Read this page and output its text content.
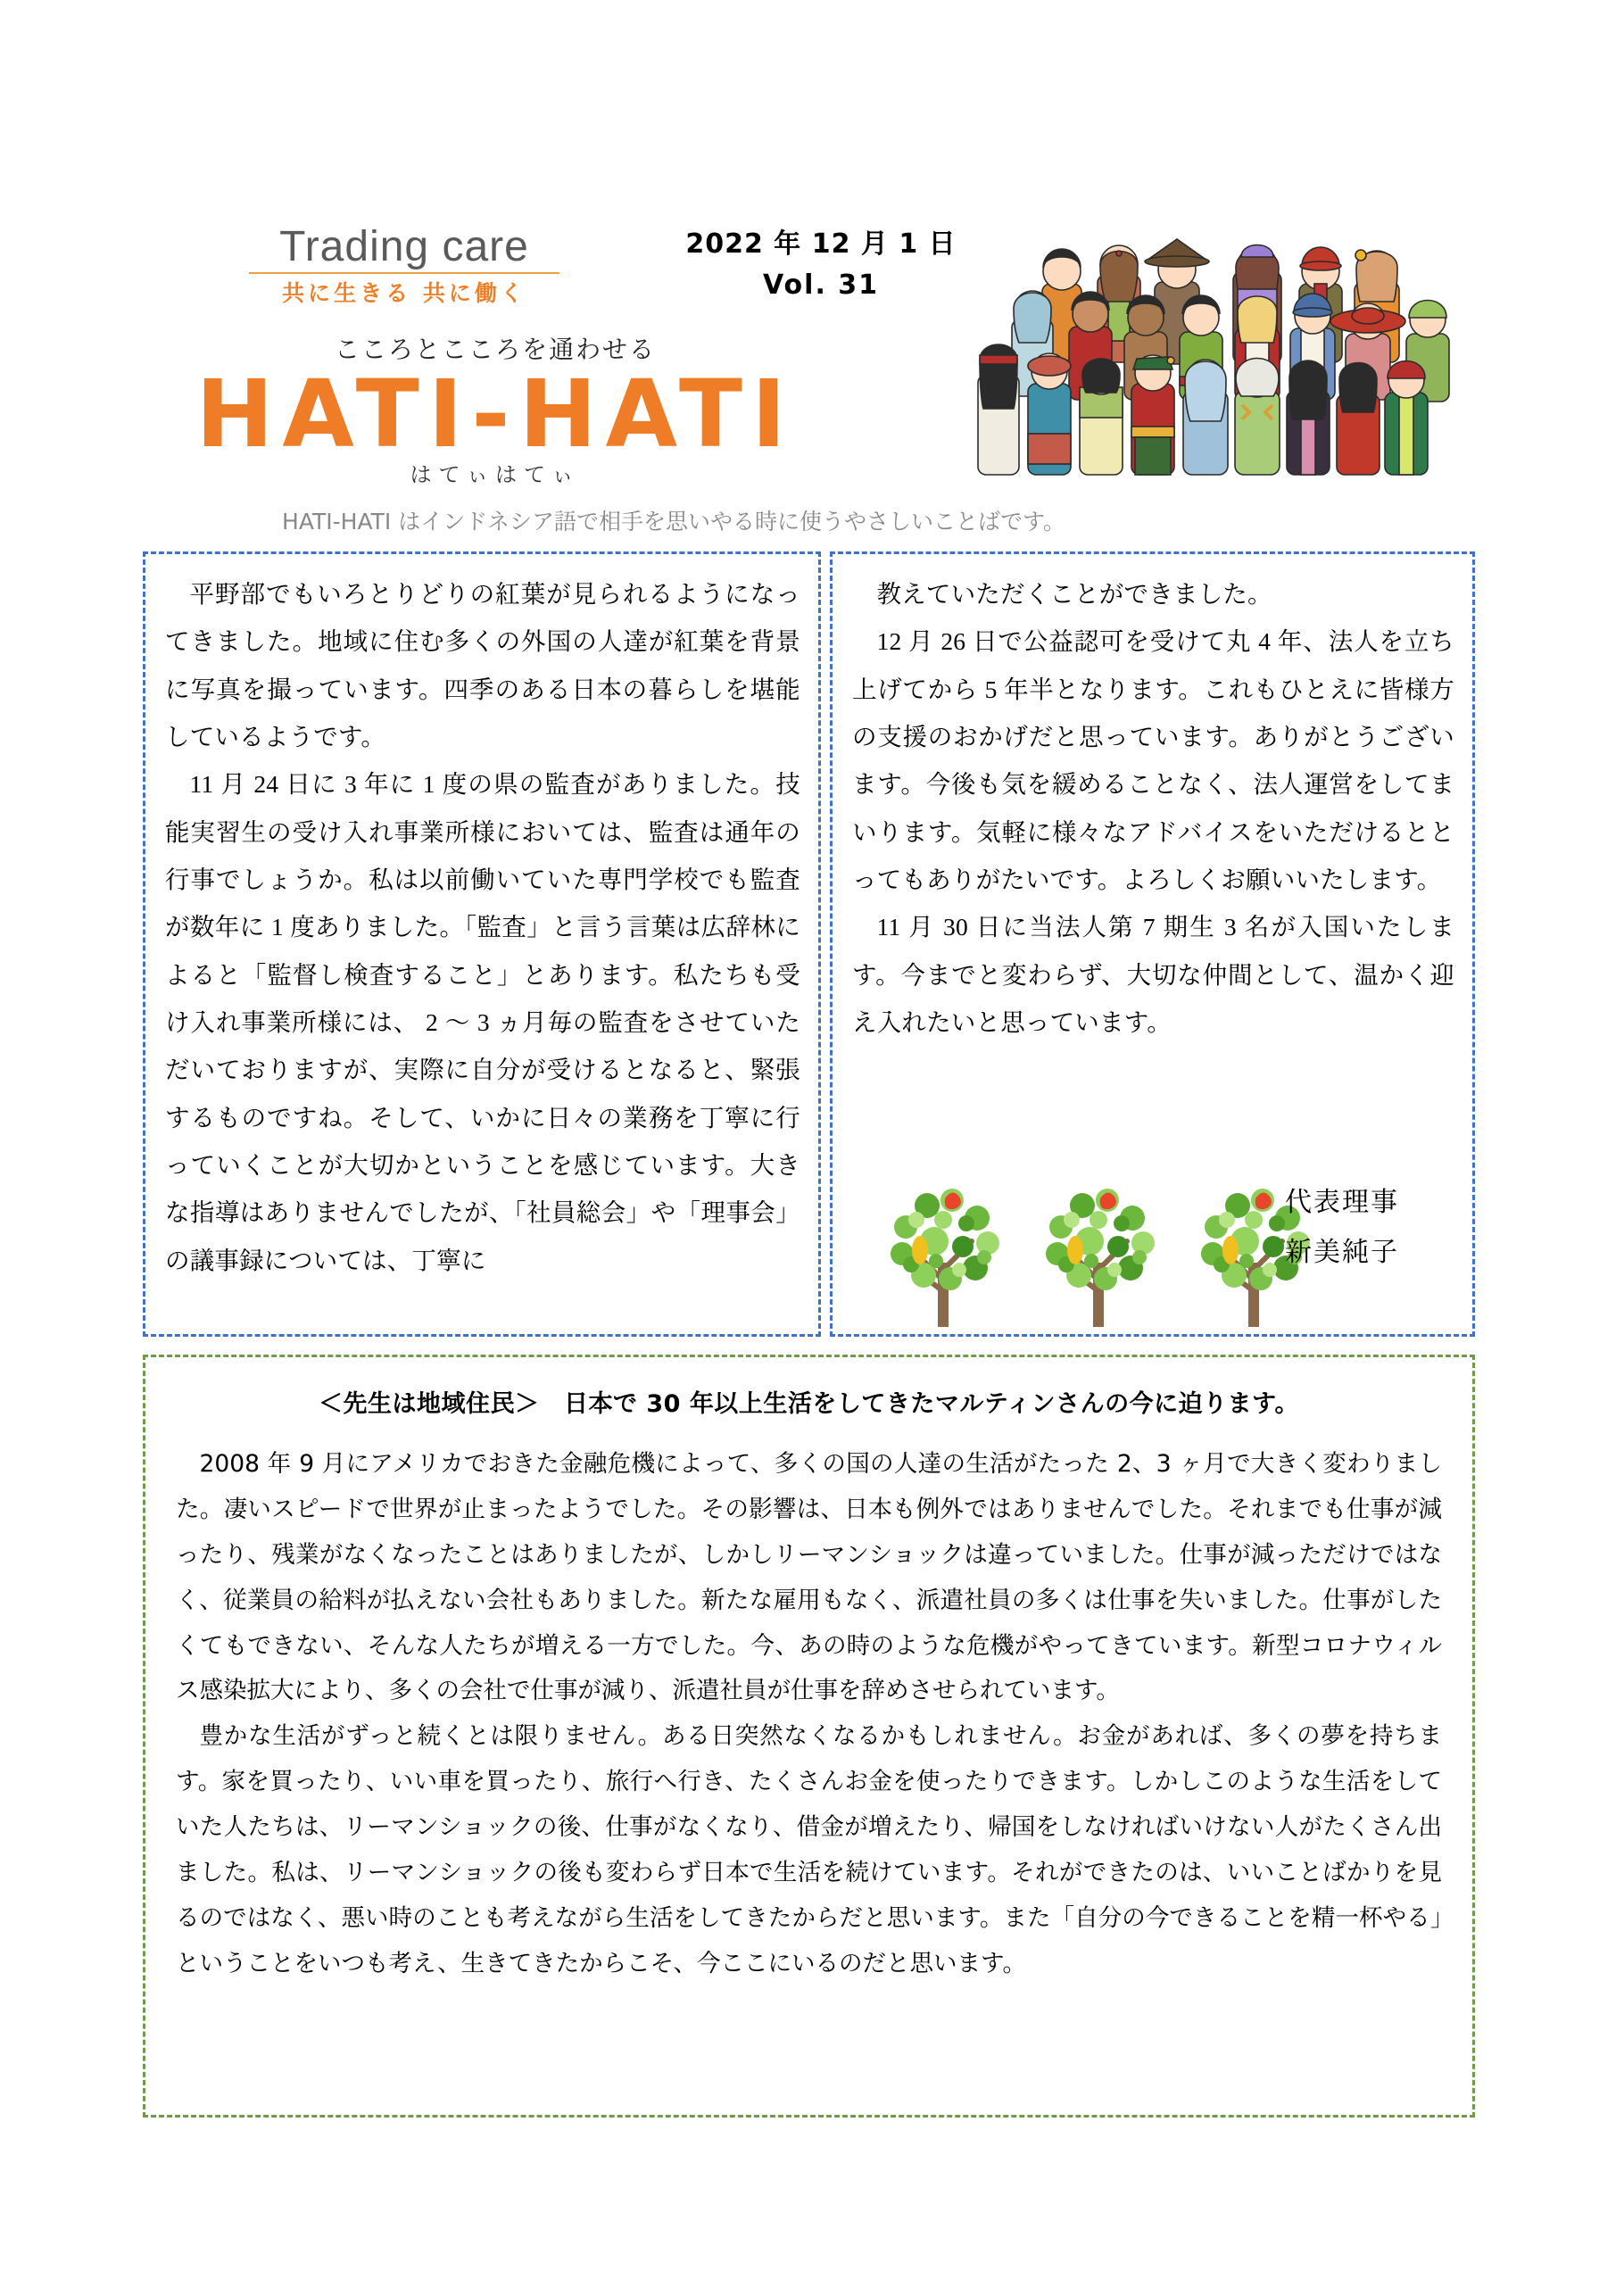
Trading care
共に生きる 共に働く
2022 年 12 月 1 日
Vol. 31
こころとこころを通わせる
HATI-HATI
はてぃはてぃ
HATI-HATI はインドネシア語で相手を思いやる時に使うやさしいことばです。

平野部でもいろとりどりの紅葉が見られるようになってきました。地域に住む多くの外国の人達が紅葉を背景に写真を撮っています。四季のある日本の暮らしを堪能しているようです。

11 月 24 日に 3 年に 1 度の県の監査がありました。技能実習生の受け入れ事業所様においては、監査は通年の行事でしょうか。私は以前働いていた専門学校でも監査が数年に 1 度ありました。「監査」と言う言葉は広辞林によると「監督し検査すること」とあります。私たちも受け入れ事業所様には、 2 ～ 3 ヵ月毎の監査をさせていただいておりますが、実際に自分が受けるとなると、緊張するものですね。そして、いかに日々の業務を丁寧に行っていくことが大切かということを感じています。大きな指導はありませんでしたが、「社員総会」や「理事会」の議事録については、丁寧に

教えていただくことができました。

12 月 26 日で公益認可を受けて丸 4 年、法人を立ち上げてから 5 年半となります。これもひとえに皆様方の支援のおかげだと思っています。ありがとうございます。今後も気を緩めることなく、法人運営をしてまいります。気軽に様々なアドバイスをいただけるととってもありがたいです。よろしくお願いいたします。

11 月 30 日に当法人第 7 期生 3 名が入国いたします。今までと変わらず、大切な仲間として、温かく迎え入れたいと思っています。

代表理事
新美純子
＜先生は地域住民＞　日本で 30 年以上生活をしてきたマルティンさんの今に迫ります。

2008 年 9 月にアメリカでおきた金融危機によって、多くの国の人達の生活がたった 2、3 ヶ月で大きく変わりました。凄いスピードで世界が止まったようでした。その影響は、日本も例外ではありませんでした。それまでも仕事が減ったり、残業がなくなったことはありましたが、しかしリーマンショックは違っていました。仕事が減っただけではなく、従業員の給料が払えない会社もありました。新たな雇用もなく、派遣社員の多くは仕事を失いました。仕事がしたくてもできない、そんな人たちが増える一方でした。今、あの時のような危機がやってきています。新型コロナウィルス感染拡大により、多くの会社で仕事が減り、派遣社員が仕事を辞めさせられています。

豊かな生活がずっと続くとは限りません。ある日突然なくなるかもしれません。お金があれば、多くの夢を持ちます。家を買ったり、いい車を買ったり、旅行へ行き、たくさんお金を使ったりできます。しかしこのような生活をしていた人たちは、リーマンショックの後、仕事がなくなり、借金が増えたり、帰国をしなければいけない人がたくさん出ました。私は、リーマンショックの後も変わらず日本で生活を続けています。それができたのは、いいことばかりを見るのではなく、悪い時のことも考えながら生活をしてきたからだと思います。また「自分の今できることを精一杯やる」ということをいつも考え、生きてきたからこそ、今ここにいるのだと思います。
